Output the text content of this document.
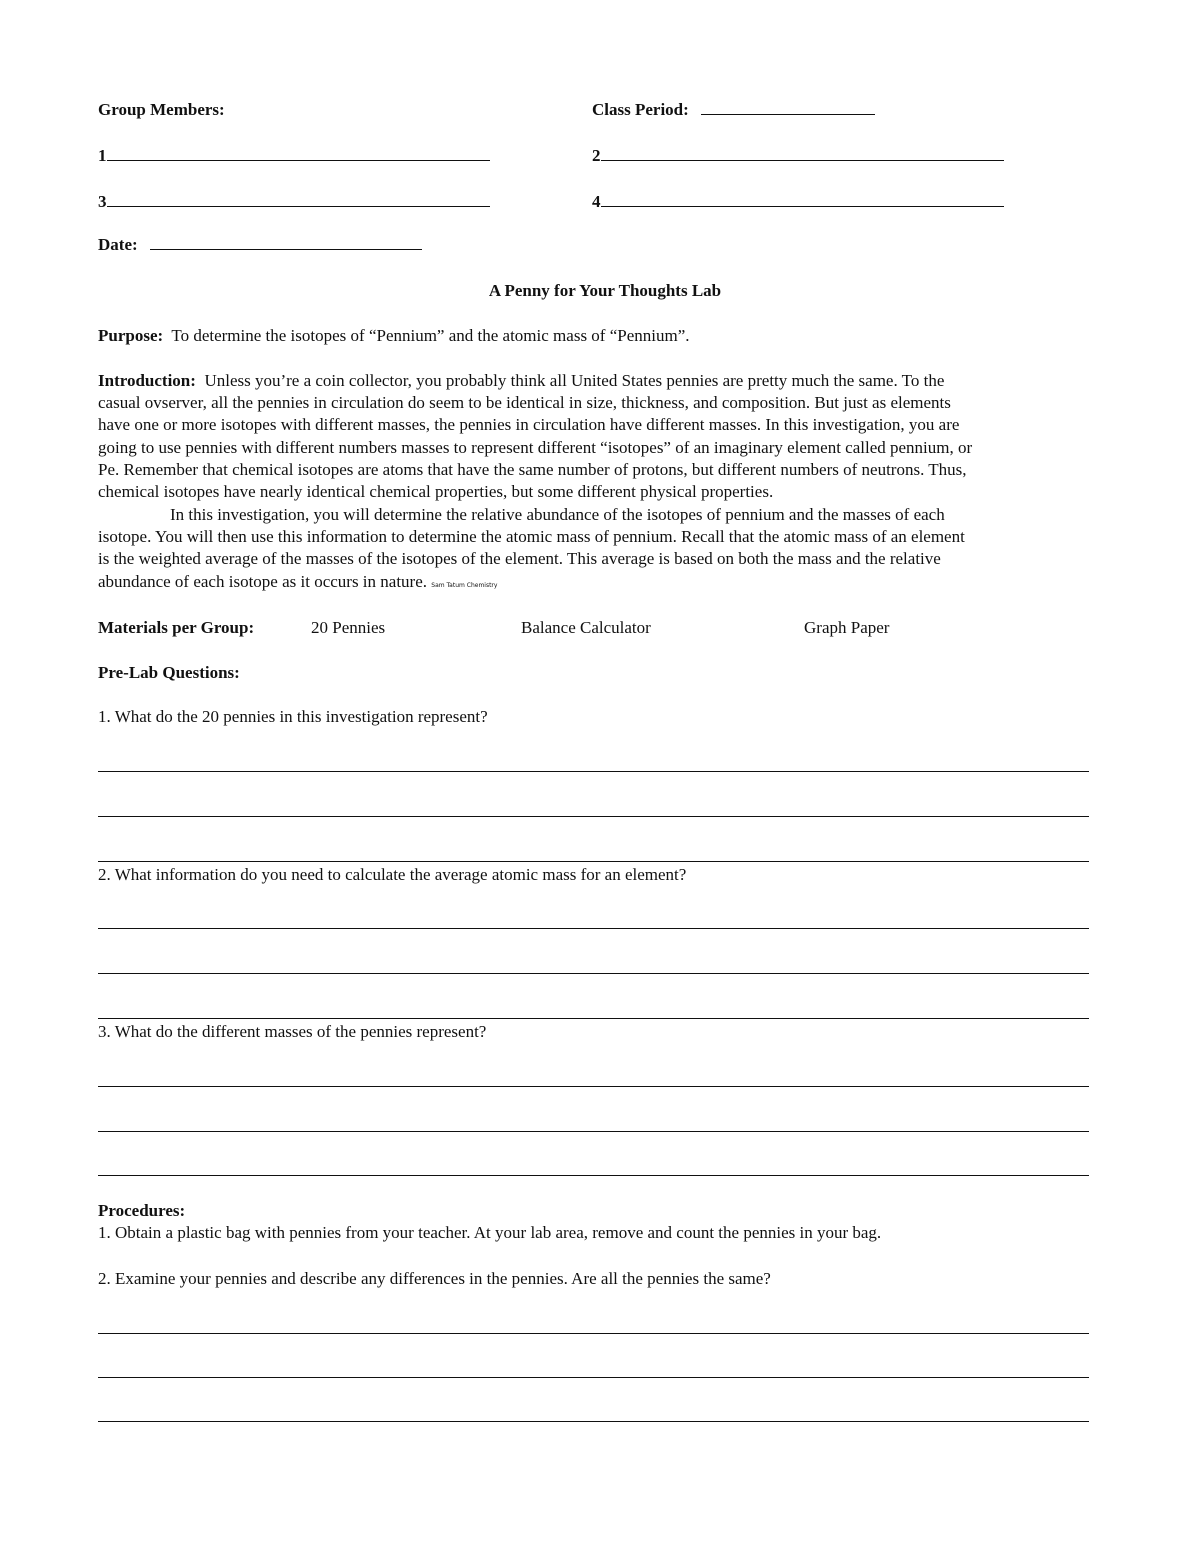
Group Members:	Class Period:
1	2
3	4
Date:
A Penny for Your Thoughts Lab
Purpose: To determine the isotopes of “Pennium” and the atomic mass of “Pennium”.
Introduction: Unless you’re a coin collector, you probably think all United States pennies are pretty much the same. To the
casual ovserver, all the pennies in circulation do seem to be identical in size, thickness, and composition. But just as elements
have one or more isotopes with different masses, the pennies in circulation have different masses. In this investigation, you are
going to use pennies with different numbers masses to represent different “isotopes” of an imaginary element called pennium, or
Pe. Remember that chemical isotopes are atoms that have the same number of protons, but different numbers of neutrons. Thus,
chemical isotopes have nearly identical chemical properties, but some different physical properties.
In this investigation, you will determine the relative abundance of the isotopes of pennium and the masses of each
isotope. You will then use this information to determine the atomic mass of pennium. Recall that the atomic mass of an element
is the weighted average of the masses of the isotopes of the element. This average is based on both the mass and the relative
abundance of each isotope as it occurs in nature. Sam Tatum Chemistry
Materials per Group:	20 Pennies	Balance Calculator	Graph Paper
Pre-Lab Questions:
1. What do the 20 pennies in this investigation represent?
2. What information do you need to calculate the average atomic mass for an element?
3. What do the different masses of the pennies represent?
Procedures:
1. Obtain a plastic bag with pennies from your teacher. At your lab area, remove and count the pennies in your bag.
2. Examine your pennies and describe any differences in the pennies. Are all the pennies the same?
